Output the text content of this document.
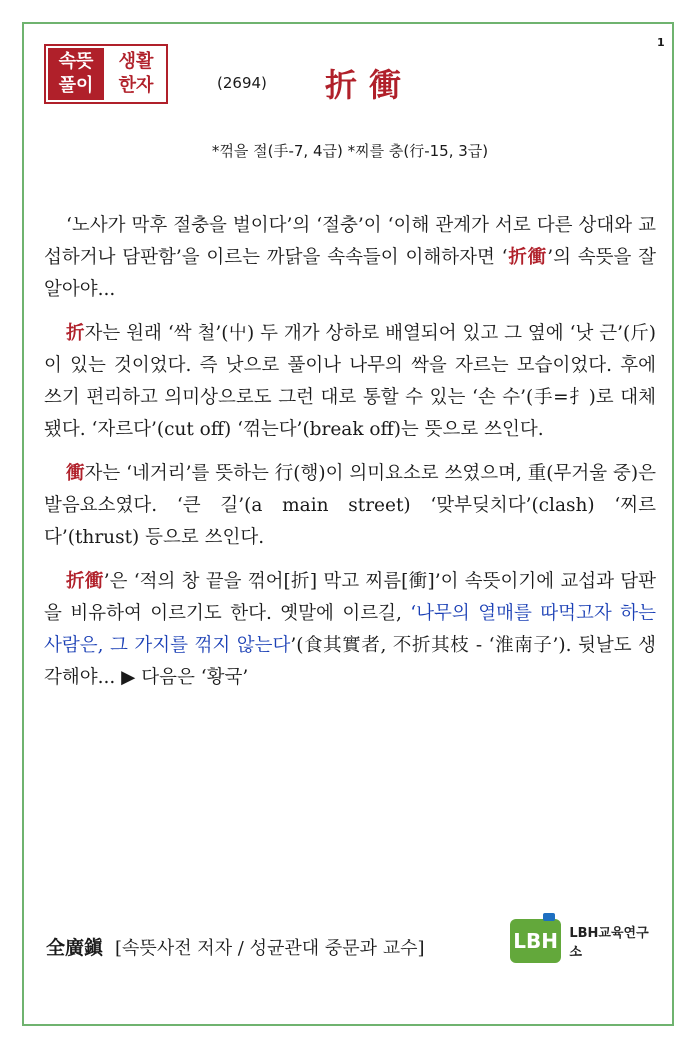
1
속뜻
풀이
생활
한자	(2694) 折衝
*꺾을 절(手-7, 4급) *찌를 충(行-15, 3급)

‘노사가 막후 절충을 벌이다’의 ‘절충’이 ‘이해 관계가 서로 다른 상대와 교섭하거나 담판함’을 이르는 까닭을 속속들이 이해하자면 ‘折衝’의 속뜻을 잘 알아야...

折자는 원래 ‘싹 철’(屮) 두 개가 상하로 배열되어 있고 그 옆에 ‘낫 근’(斤)이 있는 것이었다. 즉 낫으로 풀이나 나무의 싹을 자르는 모습이었다. 후에 쓰기 편리하고 의미상으로도 그런 대로 통할 수 있는 ‘손 수’(手=扌)로 대체됐다. ‘자르다’(cut off) ‘꺾는다’(break off)는 뜻으로 쓰인다.

衝자는 ‘네거리’를 뜻하는 行(행)이 의미요소로 쓰였으며, 重(무거울 중)은 발음요소였다. ‘큰 길’(a main street) ‘맞부딪치다’(clash) ‘찌르다’(thrust) 등으로 쓰인다.

折衝’은 ‘적의 창 끝을 꺾어[折] 막고 찌름[衝]’이 속뜻이기에 교섭과 담판을 비유하여 이르기도 한다. 옛말에 이르길, ‘나무의 열매를 따먹고자 하는 사람은, 그 가지를 꺾지 않는다’(食其實者, 不折其枝 - ‘淮南子’). 뒷날도 생각해야... ▶ 다음은 ‘황국’

全廣鎭 [속뜻사전 저자 / 성균관대 중문과 교수]	LBH LBH교육연구소
